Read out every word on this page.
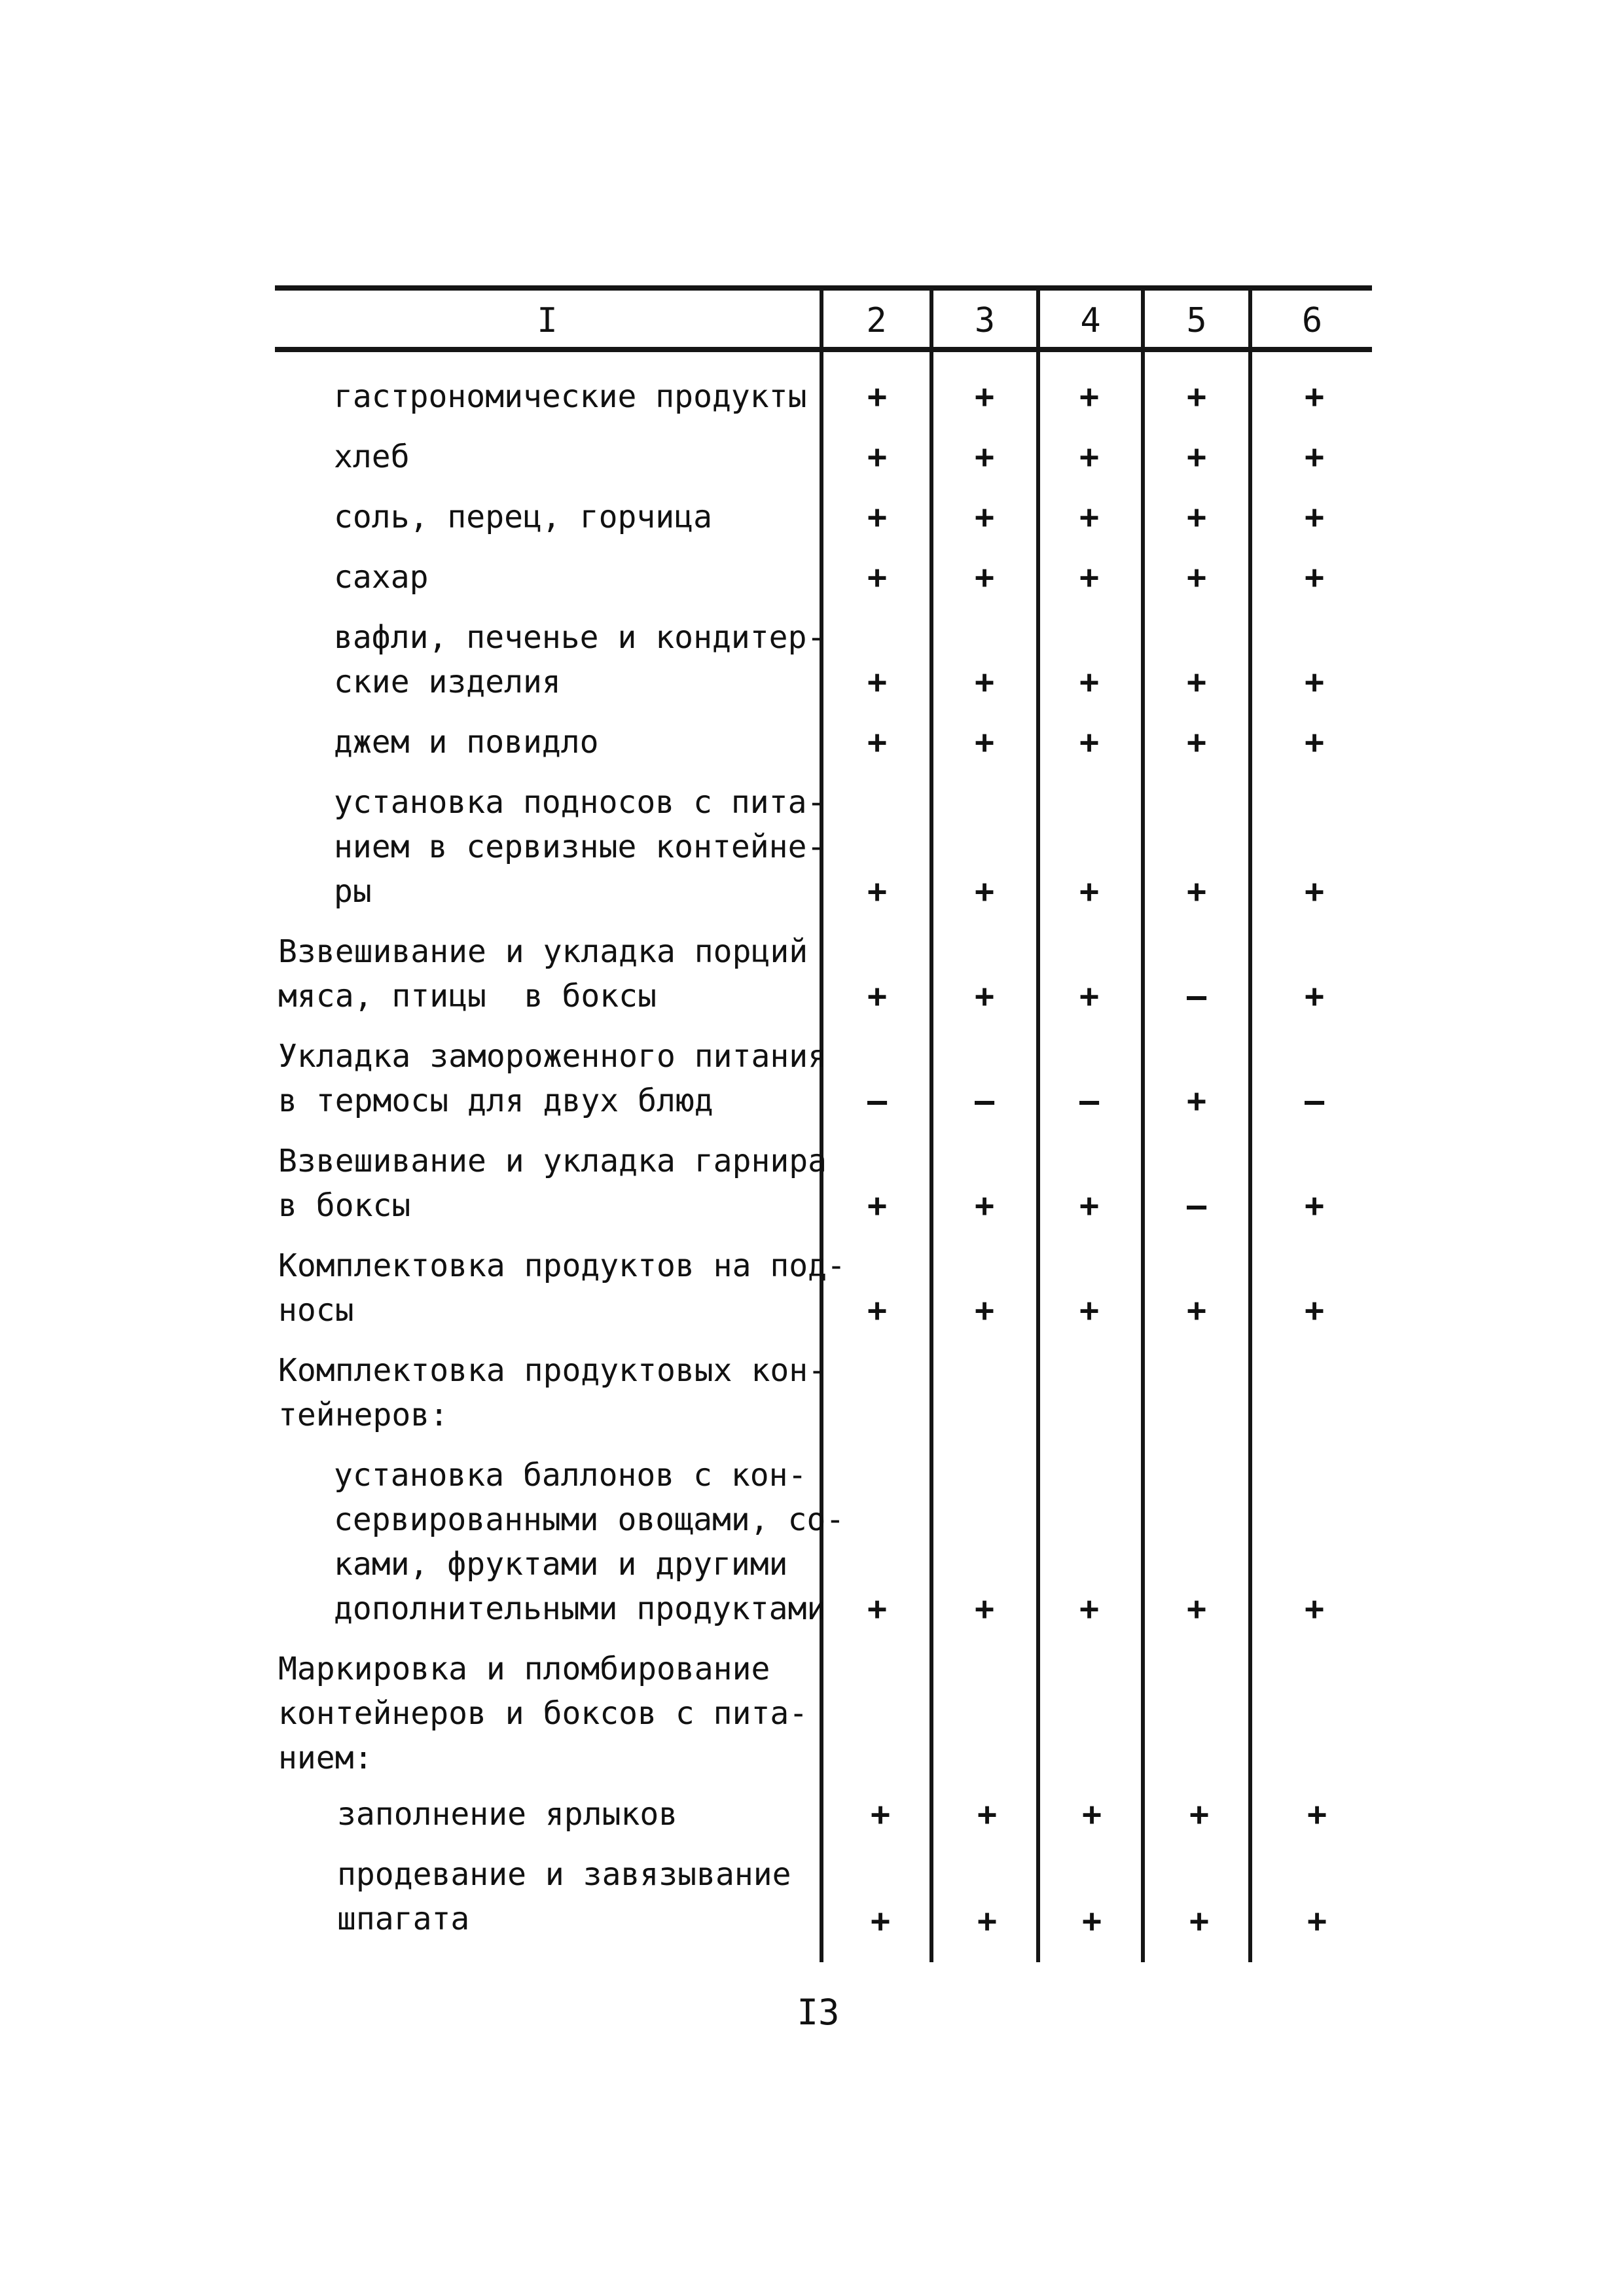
I	2	3	4	5	6
гастрономические продукты	+	+	+	+	+
хлеб	+	+	+	+	+
соль, перец, горчица	+	+	+	+	+
сахар	+	+	+	+	+
вафли, печенье и кондитер-
ские изделия	+	+	+	+	+
джем и повидло	+	+	+	+	+
установка подносов с пита-
нием в сервизные контейне-
ры	+	+	+	+	+
Взвешивание и укладка порций
мяса, птицы  в боксы	+	+	+	–	+
Укладка замороженного питания
в термосы для двух блюд	–	–	–	+	–
Взвешивание и укладка гарнира
в боксы	+	+	+	–	+
Комплектовка продуктов на под-
носы	+	+	+	+	+
Комплектовка продуктовых кон-
тейнеров:
установка баллонов с кон-
сервированными овощами, со-
ками, фруктами и другими
дополнительными продуктами	+	+	+	+	+
Маркировка и пломбирование
контейнеров и боксов с пита-
нием:
заполнение ярлыков	+	+	+	+	+
продевание и завязывание
шпагата	+	+	+	+	+
I3
